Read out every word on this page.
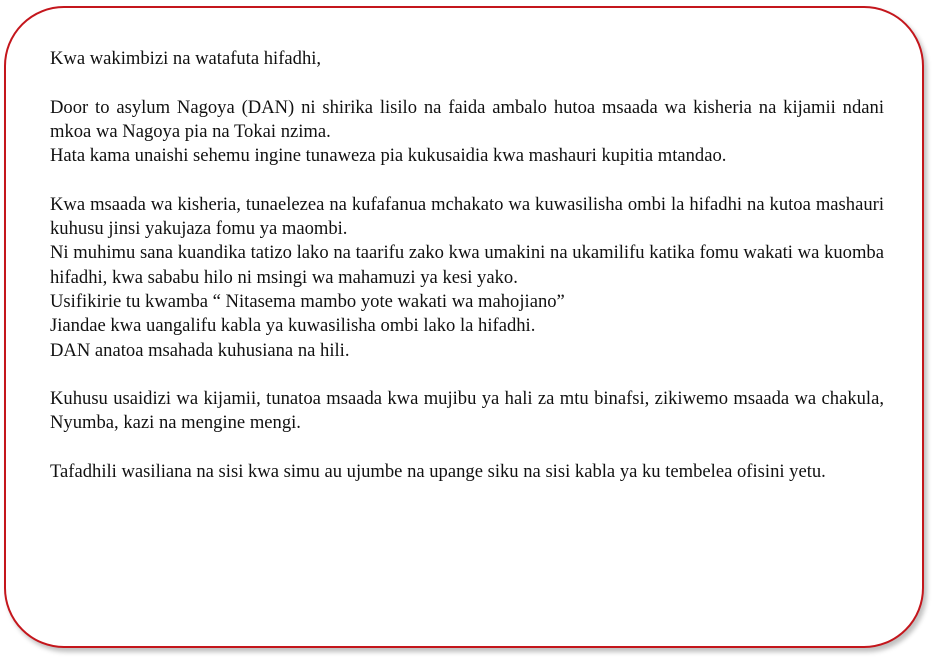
Kwa wakimbizi na watafuta hifadhi,

Door to asylum Nagoya (DAN) ni shirika lisilo na faida ambalo hutoa msaada wa kisheria na kijamii ndani mkoa wa Nagoya pia na Tokai nzima.
Hata kama unaishi sehemu ingine tunaweza pia kukusaidia kwa mashauri kupitia mtandao.
Kwa msaada wa kisheria, tunaelezea na kufafanua mchakato wa kuwasilisha ombi la hifadhi na kutoa mashauri kuhusu jinsi yakujaza fomu ya maombi.
Ni muhimu sana kuandika tatizo lako na taarifu zako kwa umakini na ukamilifu katika fomu wakati wa kuomba hifadhi, kwa sababu hilo ni msingi wa mahamuzi ya kesi yako.
Usifikirie tu kwamba “ Nitasema mambo yote wakati wa mahojiano”
Jiandae kwa uangalifu kabla ya kuwasilisha ombi lako la hifadhi.
DAN anatoa msahada kuhusiana na hili.

Kuhusu usaidizi wa kijamii, tunatoa msaada kwa mujibu ya hali za mtu binafsi, zikiwemo msaada wa chakula, Nyumba, kazi na mengine mengi.

Tafadhili wasiliana na sisi kwa simu au ujumbe na upange siku na sisi kabla ya ku tembelea ofisini yetu.
